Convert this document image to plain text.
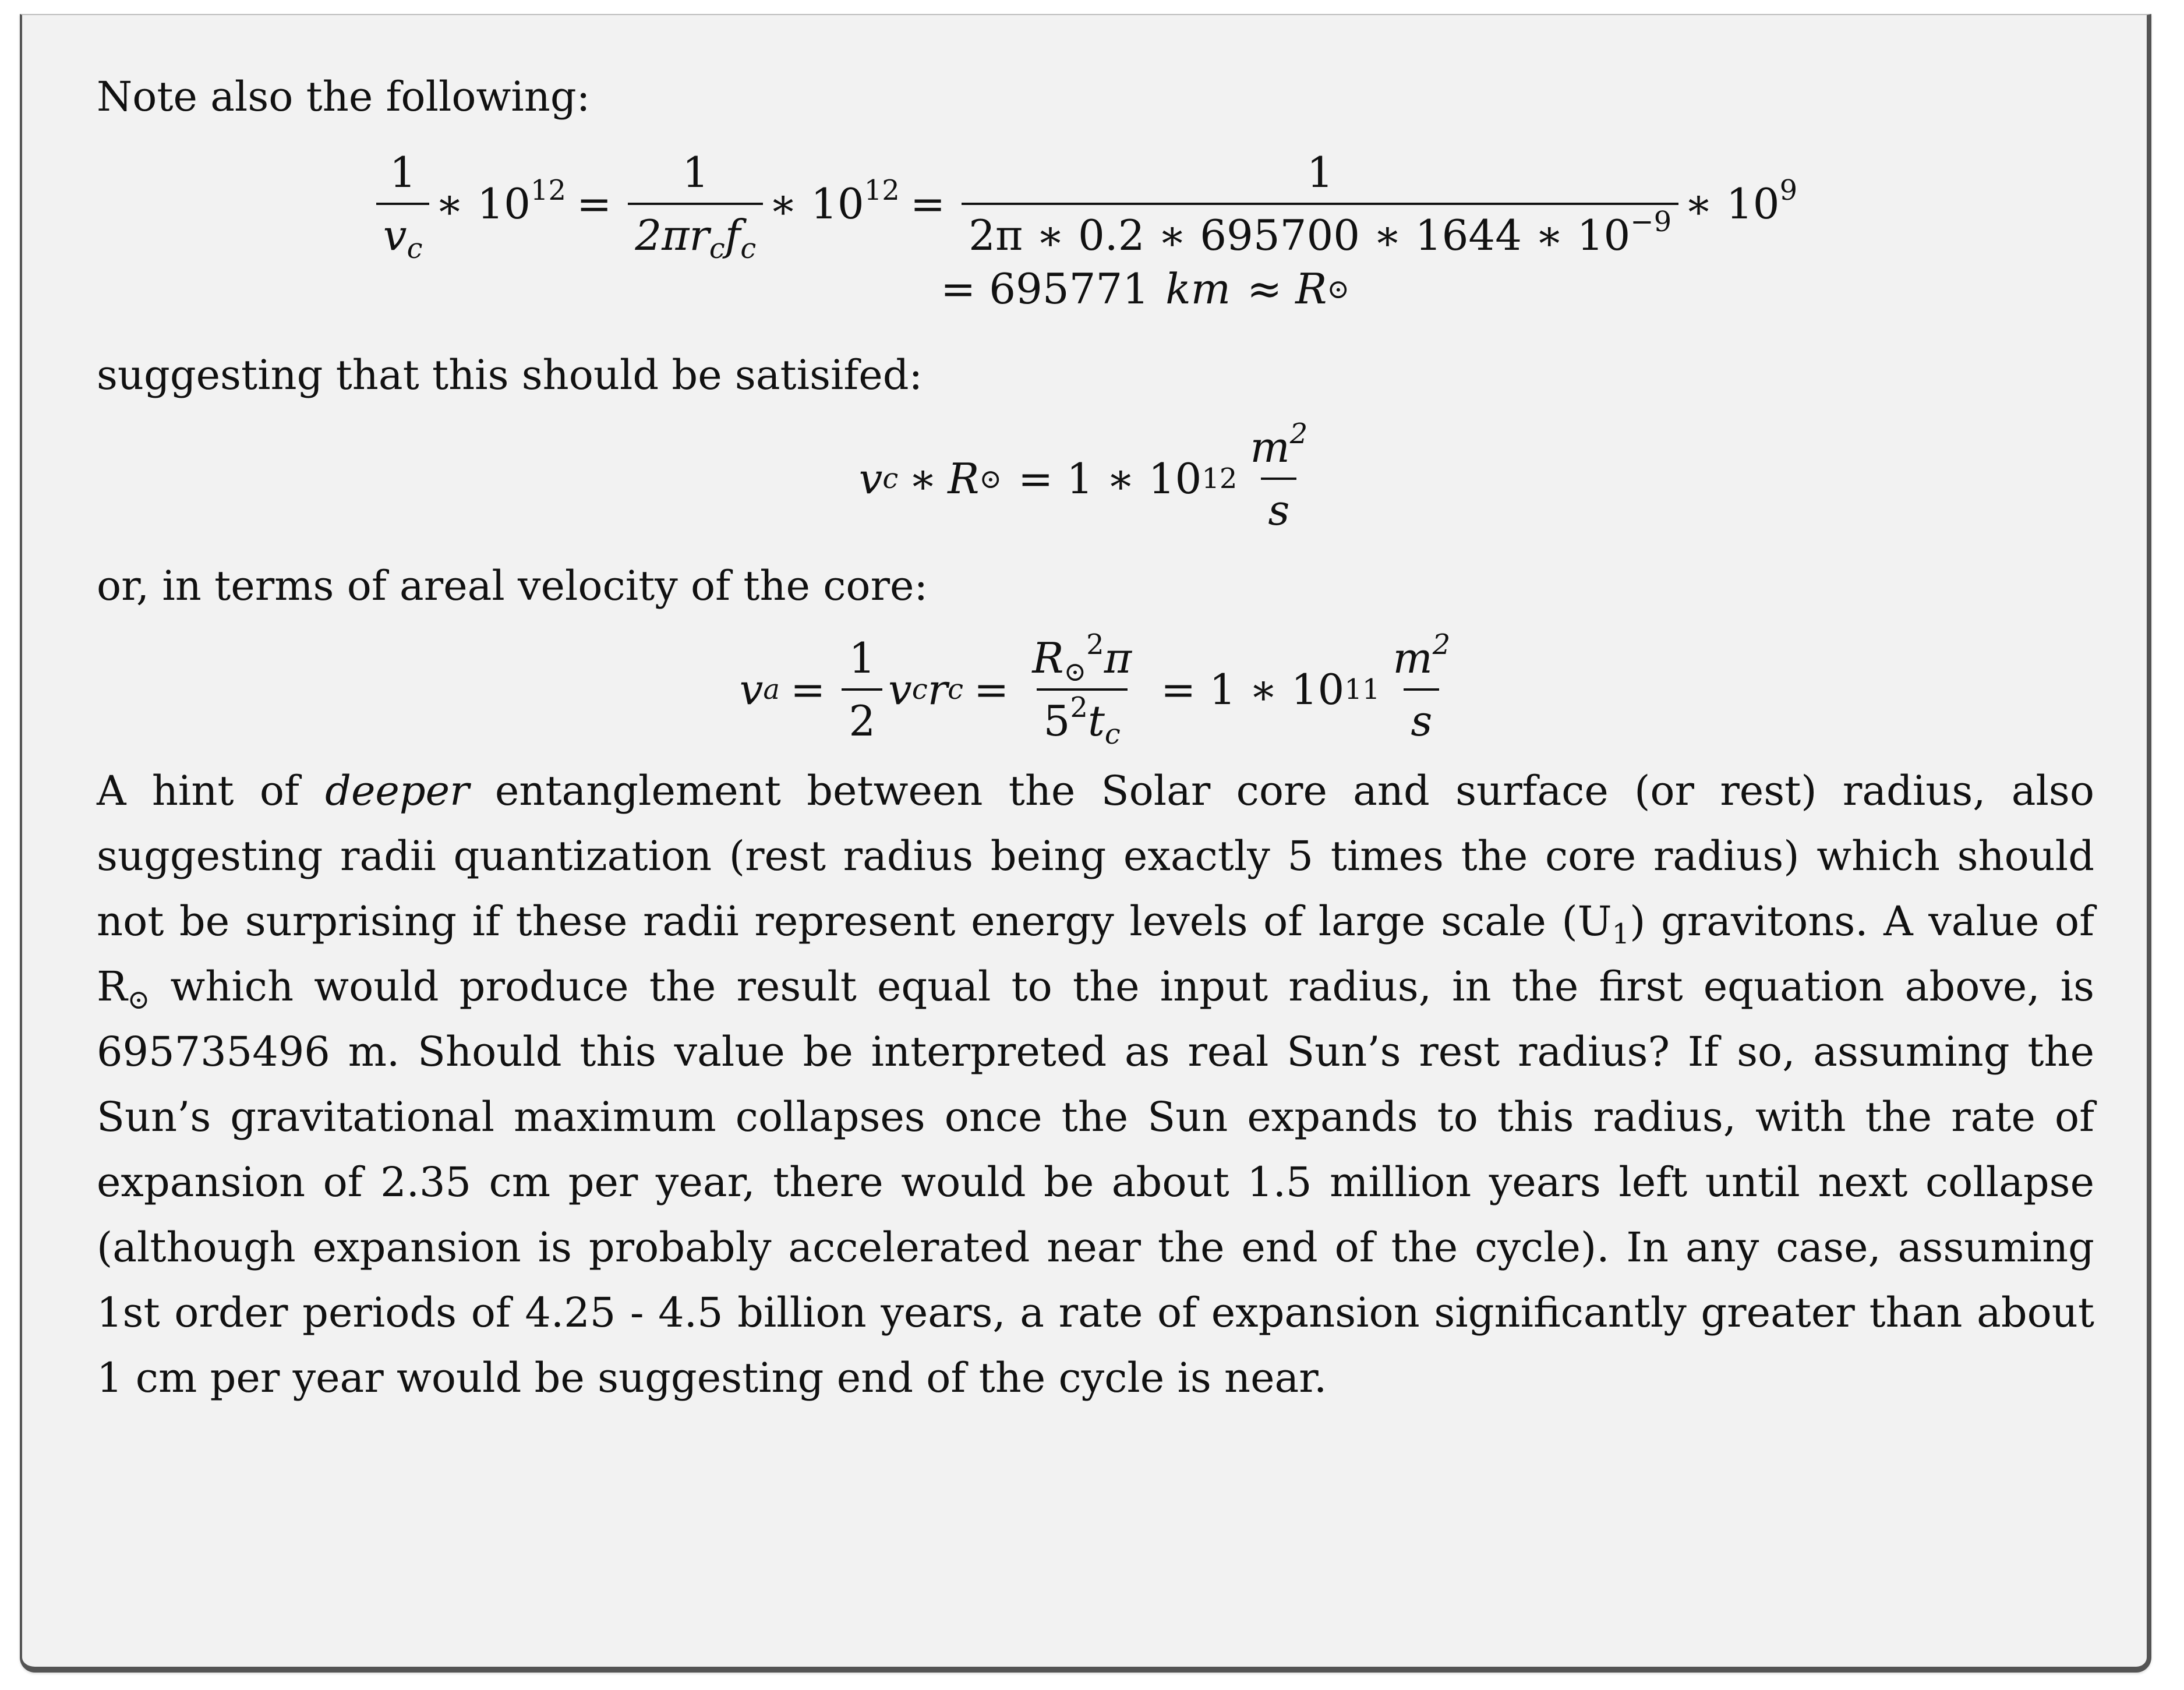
Note also the following:

$\frac{1}{v_c}$ ∗ $10^{12} = \frac{1}{2\pi r_cf_c}$ ∗ $10^{12} = \frac{1}{2\pi ∗ 0.2 ∗ 695700 ∗ 1644 ∗ 10^{-9}}$ ∗ $10^9$
= 695771 km ≈ R ⊙

suggesting that this should be satisifed:

v c ∗ R ⊙ = 1 ∗ 10 $12 \frac{m^2}{s}$

or, in terms of areal velocity of the core:

v $a = \frac{1}{2}$ v c r $c = \frac{R_⊙^2\pi}{5^2t_c} = 1$ ∗ 10 $11 \frac{m^2}{s}$

A hint of deeper entanglement between the Solar core and surface (or rest) radius, also suggesting radii quantization (rest radius being exactly 5 times the core radius) which should not be surprising if these radii represent energy levels of large scale $(U_1)$ gravitons. A value of $R_⊙$ which would produce the result equal to the input radius, in the first equation above, is 695735496 m. Should this value be interpreted as real Sun’s rest radius? If so, assuming the Sun’s gravitational maximum collapses once the Sun expands to this radius, with the rate of expansion of 2.35 cm per year, there would be about 1.5 million years left until next collapse (although expansion is probably accelerated near the end of the cycle). In any case, assuming 1st order periods of 4.25 - 4.5 billion years, a rate of expansion significantly greater than about 1 cm per year would be suggesting end of the cycle is near.
